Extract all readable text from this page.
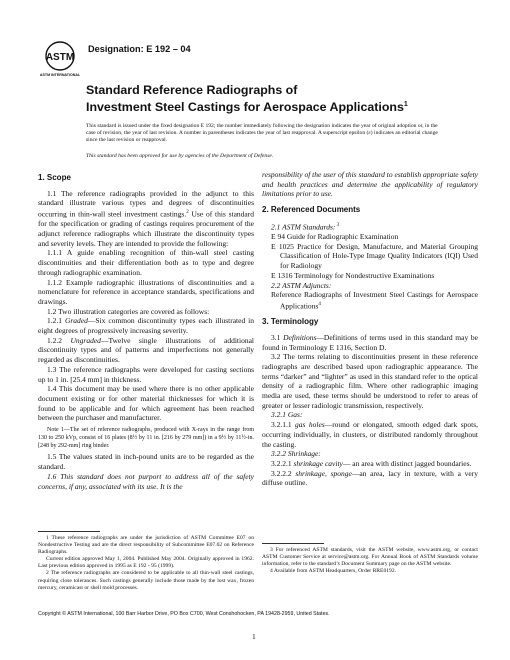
ASTM
ASTM INTERNATIONAL
Designation: E 192 – 04
Standard Reference Radiographs of
Investment Steel Castings for Aerospace Applications$^1$
This standard is issued under the fixed designation E 192; the number immediately following the designation indicates the year of original adoption or, in the case of revision, the year of last revision. A number in parentheses indicates the year of last reapproval. A superscript epsilon (ε) indicates an editorial change since the last revision or reapproval.
This standard has been approved for use by agencies of the Department of Defense.
1. Scope

1.1 The reference radiographs provided in the adjunct to this standard illustrate various types and degrees of discontinuities occurring in thin-wall steel investment castings.$^2$ Use of this standard for the specification or grading of castings requires procurement of the adjunct reference radiographs which illustrate the discontinuity types and severity levels. They are intended to provide the following:

1.1.1 A guide enabling recognition of thin-wall steel casting discontinuities and their differentiation both as to type and degree through radiographic examination.

1.1.2 Example radiographic illustrations of discontinuities and a nomenclature for reference in acceptance standards, specifications and drawings.

1.2 Two illustration categories are covered as follows:

1.2.1 Graded—Six common discontinuity types each illustrated in eight degrees of progressively increasing severity.

1.2.2 Ungraded—Twelve single illustrations of additional discontinuity types and of patterns and imperfections not generally regarded as discontinuities.

1.3 The reference radiographs were developed for casting sections up to 1 in. [25.4 mm] in thickness.

1.4 This document may be used where there is no other applicable document existing or for other material thicknesses for which it is found to be applicable and for which agreement has been reached between the purchaser and manufacturer.

Note 1—The set of reference radiographs, produced with X-rays in the range from 130 to 250 kVp, consist of 16 plates (8½ by 11 in. [216 by 279 mm]) in a 9½ by 11½-in. [248 by 292-mm] ring binder.

1.5 The values stated in inch-pound units are to be regarded as the standard.

1.6 This standard does not purport to address all of the safety concerns, if any, associated with its use. It is the

responsibility of the user of this standard to establish appropriate safety and health practices and determine the applicability of regulatory limitations prior to use.

2. Referenced Documents

2.1 ASTM Standards: $^3$

E 94 Guide for Radiographic Examination

E 1025 Practice for Design, Manufacture, and Material Grouping Classification of Hole-Type Image Quality Indicators (IQI) Used for Radiology

E 1316 Terminology for Nondestructive Examinations

2.2 ASTM Adjuncts:

Reference Radiographs of Investment Steel Castings for Aerospace Applications$^4$

3. Terminology

3.1 Definitions—Definitions of terms used in this standard may be found in Terminology E 1316, Section D.

3.2 The terms relating to discontinuities present in these reference radiographs are described based upon radiographic appearance. The terms “darker” and “lighter” as used in this standard refer to the optical density of a radiographic film. Where other radiographic imaging media are used, these terms should be understood to refer to areas of greater or lesser radiologic transmission, respectively.

3.2.1 Gas:

3.2.1.1 gas holes—round or elongated, smooth edged dark spots, occurring individually, in clusters, or distributed randomly throughout the casting.

3.2.2 Shrinkage:

3.2.2.1 shrinkage cavity— an area with distinct jagged boundaries.

3.2.2.2 shrinkage, sponge—an area, lacy in texture, with a very diffuse outline.

1 These reference radiographs are under the jurisdiction of ASTM Committee E07 on Nondestructive Testing and are the direct responsibility of Subcommittee E07.02 on Reference Radiographs.

Current edition approved May 1, 2004. Published May 2004. Originally approved in 1962. Last previous edition approved in 1995 as E 192 - 95 (1999).

2 The reference radiographs are considered to be applicable to all thin-wall steel castings, requiring close tolerances. Such castings generally include those made by the lost wax, frozen mercury, ceramicast or shell mold processes.

3 For referenced ASTM standards, visit the ASTM website, www.astm.org, or contact ASTM Customer Service at service@astm.org. For Annual Book of ASTM Standards volume information, refer to the standard’s Document Summary page on the ASTM website.

4 Available from ASTM Headquarters, Order RRE0192.

Copyright © ASTM International, 100 Barr Harbor Drive, PO Box C700, West Conshohocken, PA 19428-2959, United States.
1
